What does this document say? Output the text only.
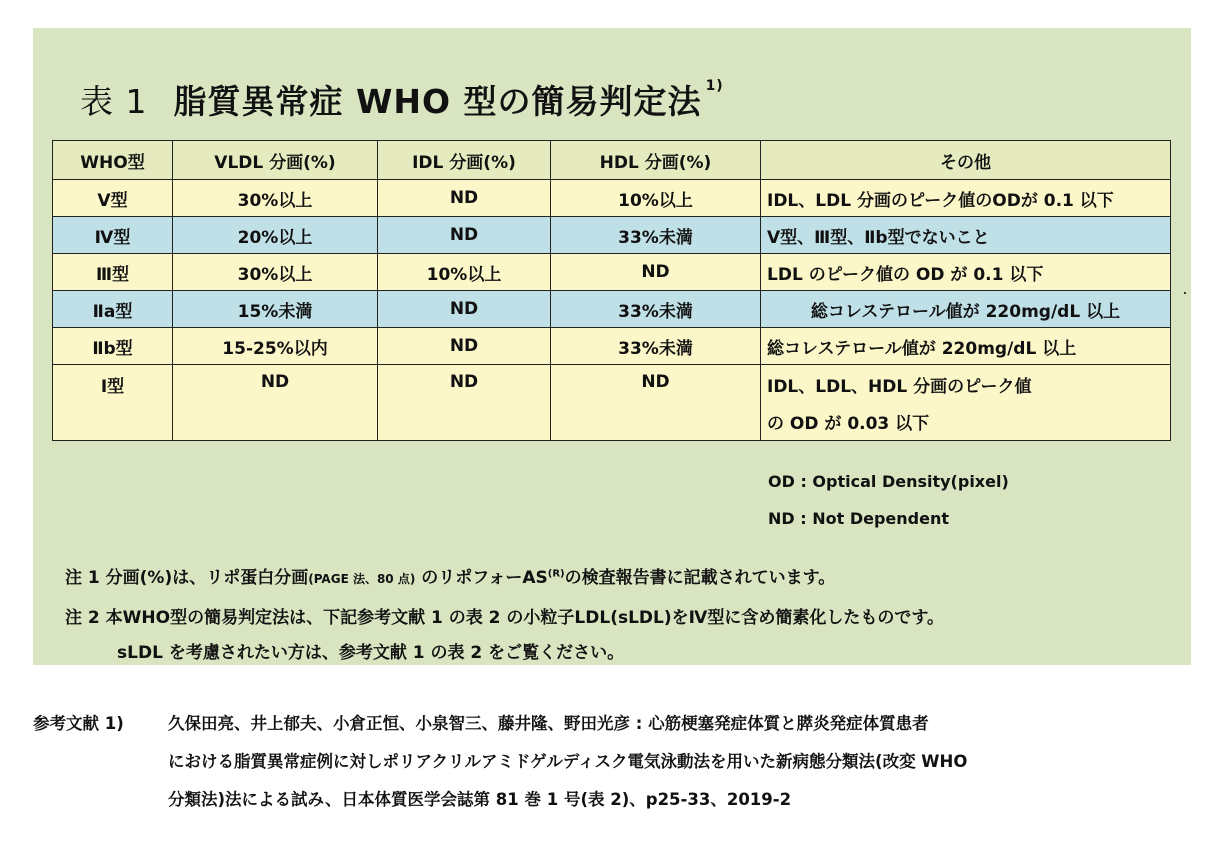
表 1 脂質異常症 WHO 型の簡易判定法 $^{1)}$
WHO型	VLDL 分画(%)	IDL 分画(%)	HDL 分画(%)	その他
V型	30%以上	ND	10%以上	IDL、LDL 分画のピーク値のODが 0.1 以下
Ⅳ型	20%以上	ND	33%未満	Ⅴ型、Ⅲ型、Ⅱb型でないこと
Ⅲ型	30%以上	10%以上	ND	LDL のピーク値の OD が 0.1 以下
Ⅱa型	15%未満	ND	33%未満	総コレステロール値が 220mg/dL 以上
Ⅱb型	15-25%以内	ND	33%未満	総コレステロール値が 220mg/dL 以上
Ⅰ型	ND	ND	ND	IDL、LDL、HDL 分画のピーク値
の OD が 0.03 以下
OD : Optical Density(pixel)
ND : Not Dependent
注 1 分画(%)は、リポ蛋白分画(PAGE 法、80 点) のリポフォー$AS^{(R)}$の検査報告書に記載されています。
注 2 本WHO型の簡易判定法は、下記参考文献 1 の表 2 の小粒子LDL(sLDL)をⅣ型に含め簡素化したものです。
sLDL を考慮されたい方は、参考文献 1 の表 2 をご覧ください。
参考文献 1)	久保田亮、井上郁夫、小倉正恒、小泉智三、藤井隆、野田光彦 : 心筋梗塞発症体質と膵炎発症体質患者
における脂質異常症例に対しポリアクリルアミドゲルディスク電気泳動法を用いた新病態分類法(改変 WHO
分類法)法による試み、日本体質医学会誌第 81 巻 1 号(表 2)、p25-33、2019-2
